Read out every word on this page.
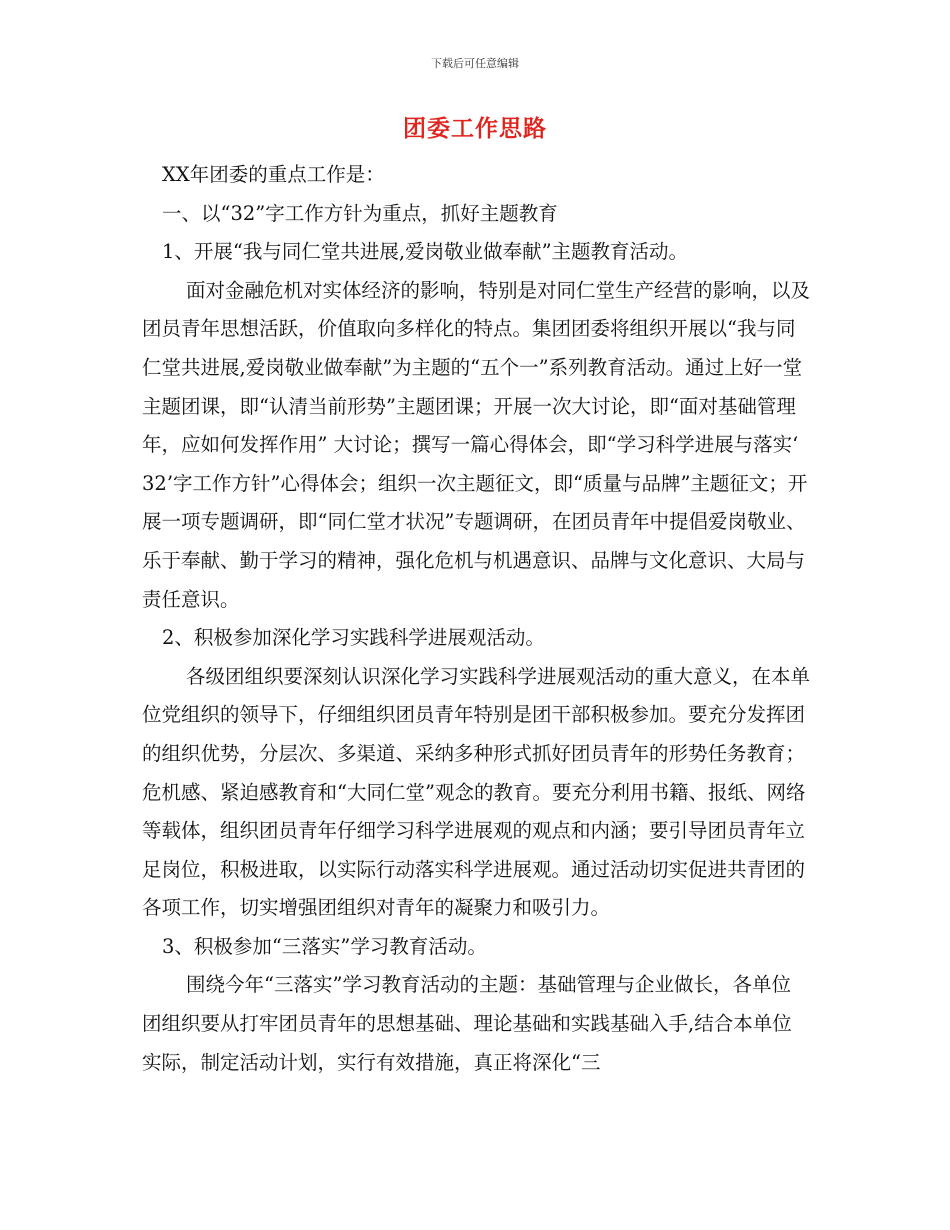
下载后可任意编辑
团委工作思路

XX年团委的重点工作是：

一、以“32”字工作方针为重点，抓好主题教育

1、开展“我与同仁堂共进展,爱岗敬业做奉献”主题教育活动。

面对金融危机对实体经济的影响，特别是对同仁堂生产经营的影响，以及团员青年思想活跃，价值取向多样化的特点。集团团委将组织开展以“我与同仁堂共进展,爱岗敬业做奉献”为主题的“五个一”系列教育活动。通过上好一堂主题团课，即“认清当前形势”主题团课；开展一次大讨论，即“面对基础管理年，应如何发挥作用” 大讨论；撰写一篇心得体会，即“学习科学进展与落实‘32’字工作方针”心得体会；组织一次主题征文，即“质量与品牌”主题征文；开展一项专题调研，即“同仁堂才状况”专题调研，在团员青年中提倡爱岗敬业、乐于奉献、勤于学习的精神，强化危机与机遇意识、品牌与文化意识、大局与责任意识。

2、积极参加深化学习实践科学进展观活动。

各级团组织要深刻认识深化学习实践科学进展观活动的重大意义，在本单位党组织的领导下，仔细组织团员青年特别是团干部积极参加。要充分发挥团的组织优势，分层次、多渠道、采纳多种形式抓好团员青年的形势任务教育；危机感、紧迫感教育和“大同仁堂”观念的教育。要充分利用书籍、报纸、网络等载体，组织团员青年仔细学习科学进展观的观点和内涵；要引导团员青年立足岗位，积极进取，以实际行动落实科学进展观。通过活动切实促进共青团的各项工作，切实增强团组织对青年的凝聚力和吸引力。

3、积极参加“三落实”学习教育活动。

围绕今年“三落实”学习教育活动的主题：基础管理与企业做长，各单位团组织要从打牢团员青年的思想基础、理论基础和实践基础入手,结合本单位实际，制定活动计划，实行有效措施，真正将深化“三
